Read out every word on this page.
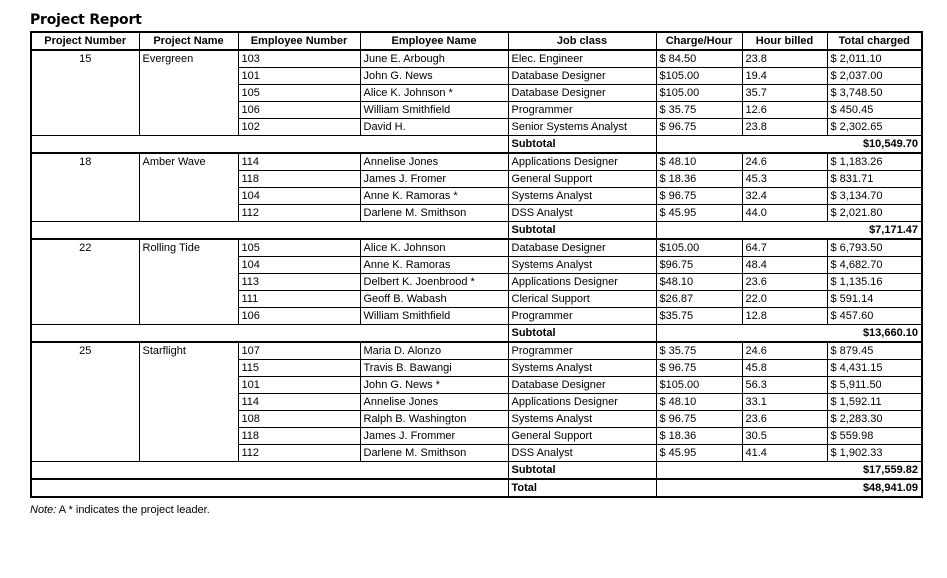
Project Report
Project Number	Project Name	Employee Number	Employee Name	Job class	Charge/Hour	Hour billed	Total charged
15	Evergreen	103	June E. Arbough	Elec. Engineer	$ 84.50	23.8	$ 2,011.10
		101	John G. News	Database Designer	$105.00	19.4	$ 2,037.00
		105	Alice K. Johnson *	Database Designer	$105.00	35.7	$ 3,748.50
		106	William Smithfield	Programmer	$ 35.75	12.6	$ 450.45
		102	David H.	Senior Systems Analyst	$ 96.75	23.8	$ 2,302.65
				Subtotal	$10,549.70		
18	Amber Wave	114	Annelise Jones	Applications Designer	$ 48.10	24.6	$ 1,183.26
		118	James J. Fromer	General Support	$ 18.36	45.3	$ 831.71
		104	Anne K. Ramoras *	Systems Analyst	$ 96.75	32.4	$ 3,134.70
		112	Darlene M. Smithson	DSS Analyst	$ 45.95	44.0	$ 2,021.80
				Subtotal	$7,171.47		
22	Rolling Tide	105	Alice K. Johnson	Database Designer	$105.00	64.7	$ 6,793.50
		104	Anne K. Ramoras	Systems Analyst	$96.75	48.4	$ 4,682.70
		113	Delbert K. Joenbrood *	Applications Designer	$48.10	23.6	$ 1,135.16
		111	Geoff B. Wabash	Clerical Support	$26.87	22.0	$ 591.14
		106	William Smithfield	Programmer	$35.75	12.8	$ 457.60
				Subtotal	$13,660.10		
25	Starflight	107	Maria D. Alonzo	Programmer	$ 35.75	24.6	$ 879.45
		115	Travis B. Bawangi	Systems Analyst	$ 96.75	45.8	$ 4,431.15
		101	John G. News *	Database Designer	$105.00	56.3	$ 5,911.50
		114	Annelise Jones	Applications Designer	$ 48.10	33.1	$ 1,592.11
		108	Ralph B. Washington	Systems Analyst	$ 96.75	23.6	$ 2,283.30
		118	James J. Frommer	General Support	$ 18.36	30.5	$ 559.98
		112	Darlene M. Smithson	DSS Analyst	$ 45.95	41.4	$ 1,902.33
				Subtotal	$17,559.82		
				Total	$48,941.09		
Note: A * indicates the project leader.
